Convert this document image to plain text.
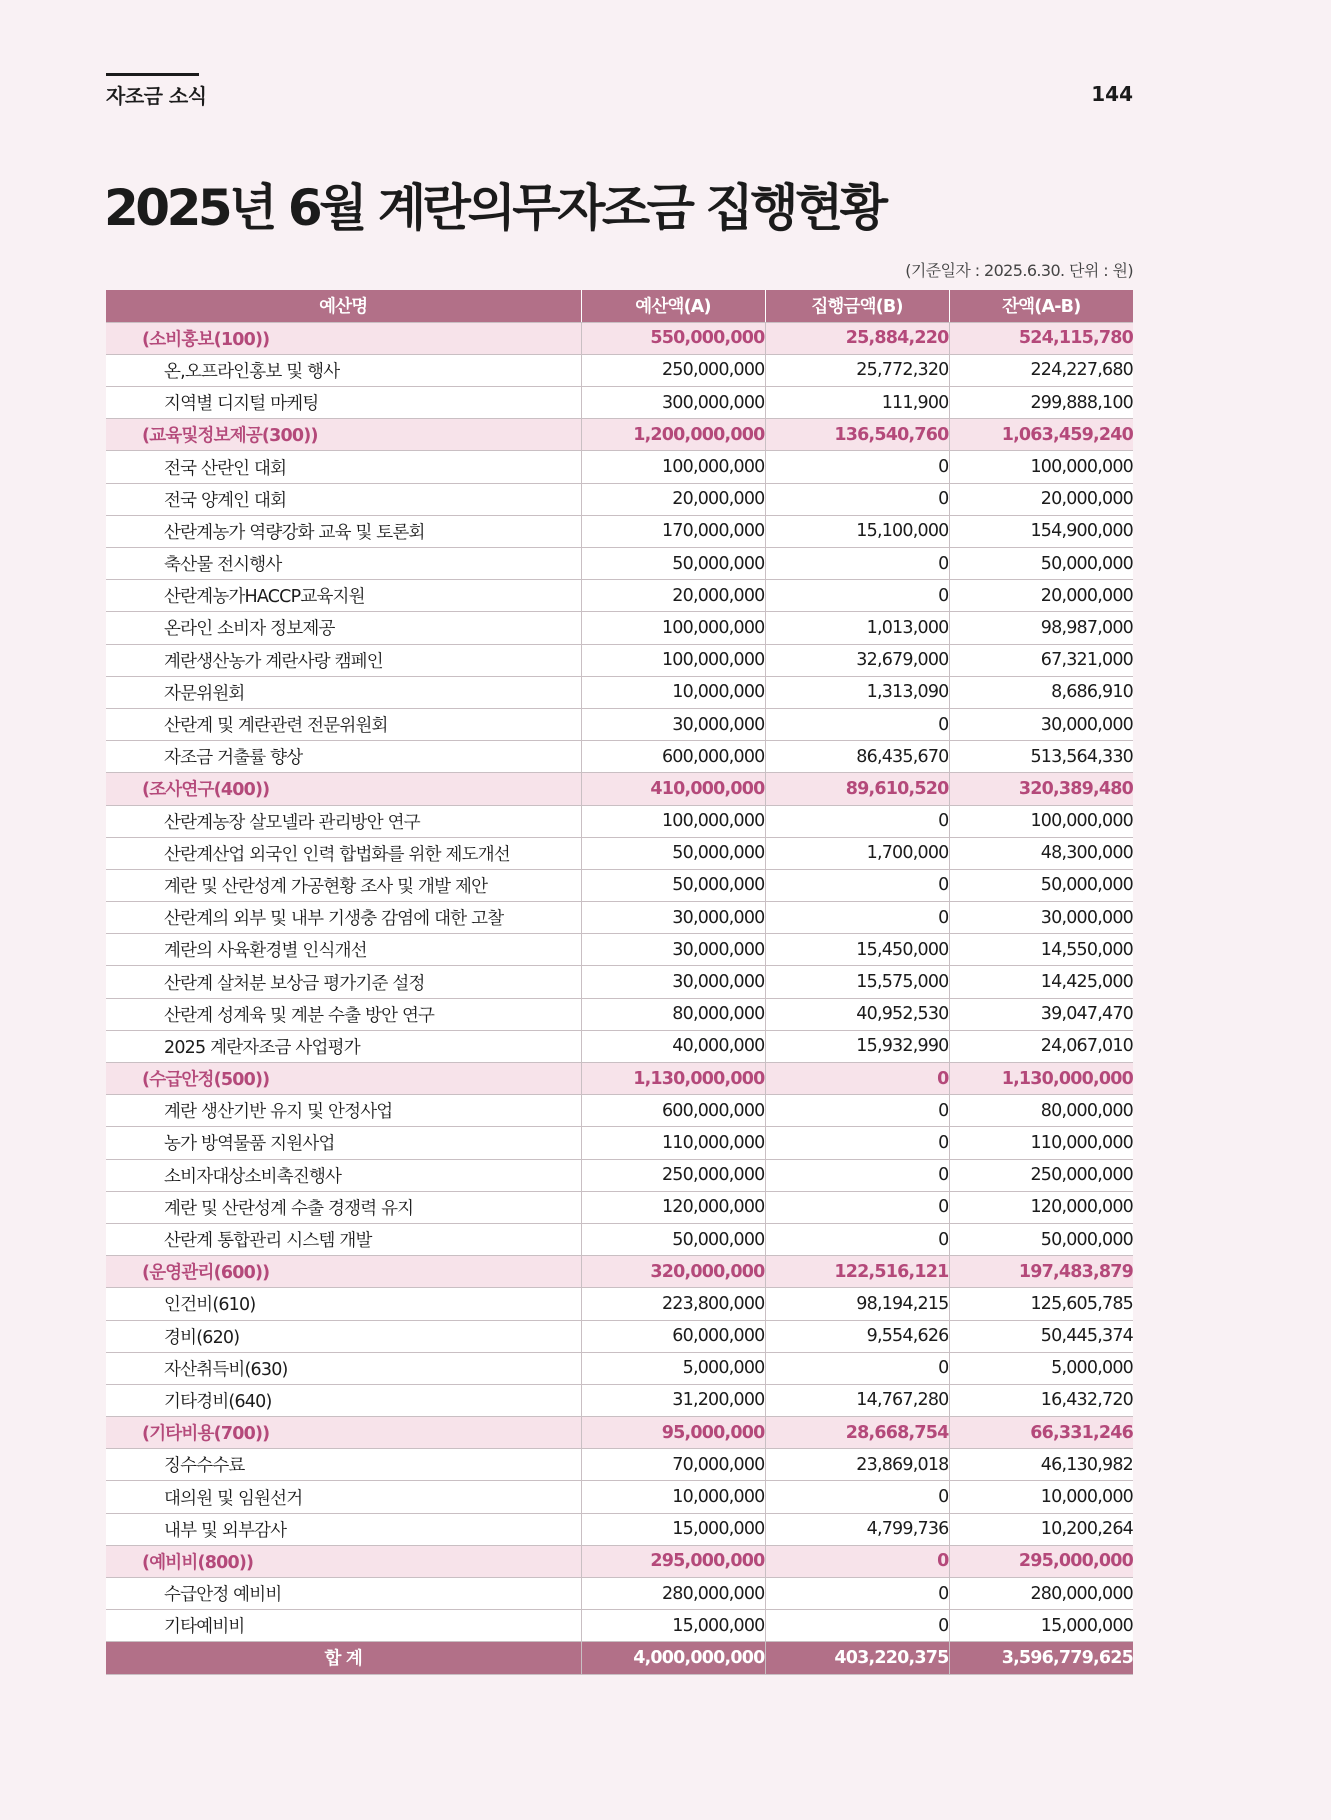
자조금 소식	144
2025년 6월 계란의무자조금 집행현황
(기준일자 : 2025.6.30. 단위 : 원)
예산명	예산액(A)	집행금액(B)	잔액(A-B)
(소비홍보(100))	550,000,000	25,884,220	524,115,780
온,오프라인홍보 및 행사	250,000,000	25,772,320	224,227,680
지역별 디지털 마케팅	300,000,000	111,900	299,888,100
(교육및정보제공(300))	1,200,000,000	136,540,760	1,063,459,240
전국 산란인 대회	100,000,000	0	100,000,000
전국 양계인 대회	20,000,000	0	20,000,000
산란계농가 역량강화 교육 및 토론회	170,000,000	15,100,000	154,900,000
축산물 전시행사	50,000,000	0	50,000,000
산란계농가HACCP교육지원	20,000,000	0	20,000,000
온라인 소비자 정보제공	100,000,000	1,013,000	98,987,000
계란생산농가 계란사랑 캠페인	100,000,000	32,679,000	67,321,000
자문위원회	10,000,000	1,313,090	8,686,910
산란계 및 계란관련 전문위원회	30,000,000	0	30,000,000
자조금 거출률 향상	600,000,000	86,435,670	513,564,330
(조사연구(400))	410,000,000	89,610,520	320,389,480
산란계농장 살모넬라 관리방안 연구	100,000,000	0	100,000,000
산란계산업 외국인 인력 합법화를 위한 제도개선	50,000,000	1,700,000	48,300,000
계란 및 산란성계 가공현황 조사 및 개발 제안	50,000,000	0	50,000,000
산란계의 외부 및 내부 기생충 감염에 대한 고찰	30,000,000	0	30,000,000
계란의 사육환경별 인식개선	30,000,000	15,450,000	14,550,000
산란계 살처분 보상금 평가기준 설정	30,000,000	15,575,000	14,425,000
산란계 성계육 및 계분 수출 방안 연구	80,000,000	40,952,530	39,047,470
2025 계란자조금 사업평가	40,000,000	15,932,990	24,067,010
(수급안정(500))	1,130,000,000	0	1,130,000,000
계란 생산기반 유지 및 안정사업	600,000,000	0	80,000,000
농가 방역물품 지원사업	110,000,000	0	110,000,000
소비자대상소비촉진행사	250,000,000	0	250,000,000
계란 및 산란성계 수출 경쟁력 유지	120,000,000	0	120,000,000
산란계 통합관리 시스템 개발	50,000,000	0	50,000,000
(운영관리(600))	320,000,000	122,516,121	197,483,879
인건비(610)	223,800,000	98,194,215	125,605,785
경비(620)	60,000,000	9,554,626	50,445,374
자산취득비(630)	5,000,000	0	5,000,000
기타경비(640)	31,200,000	14,767,280	16,432,720
(기타비용(700))	95,000,000	28,668,754	66,331,246
징수수수료	70,000,000	23,869,018	46,130,982
대의원 및 임원선거	10,000,000	0	10,000,000
내부 및 외부감사	15,000,000	4,799,736	10,200,264
(예비비(800))	295,000,000	0	295,000,000
수급안정 예비비	280,000,000	0	280,000,000
기타예비비	15,000,000	0	15,000,000
합 계	4,000,000,000	403,220,375	3,596,779,625
